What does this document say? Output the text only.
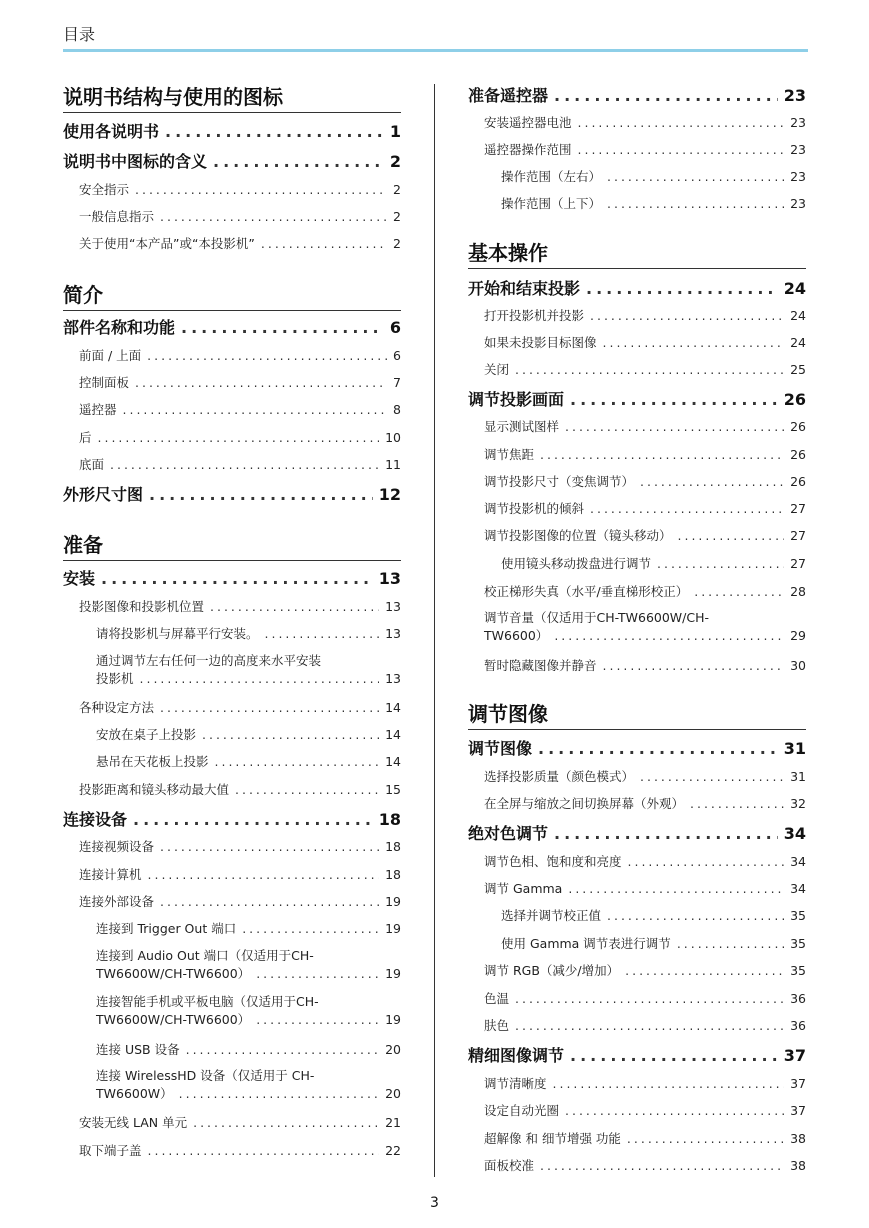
目录
说明书结构与使用的图标
使用各说明书 .....	1
说明书中图标的含义 .....	2
安全指示 .....	2
一般信息指示 .....	2
关于使用“本产品”或“本投影机” .....	2
简介
部件名称和功能 .....	6
前面 / 上面 .....	6
控制面板 .....	7
遥控器 .....	8
后 .....	10
底面 .....	11
外形尺寸图 .....	12
准备
安装 .....	13
投影图像和投影机位置 .....	13
请将投影机与屏幕平行安装。 .....	13
通过调节左右任何一边的高度来水平安装
投影机 .....	13
各种设定方法 .....	14
安放在桌子上投影 .....	14
悬吊在天花板上投影 .....	14
投影距离和镜头移动最大值 .....	15
连接设备 .....	18
连接视频设备 .....	18
连接计算机 .....	18
连接外部设备 .....	19
连接到 Trigger Out 端口 .....	19
连接到 Audio Out 端口（仅适用于CH-
TW6600W/CH-TW6600） .....	19
连接智能手机或平板电脑（仅适用于CH-
TW6600W/CH-TW6600） .....	19
连接 USB 设备 .....	20
连接 WirelessHD 设备（仅适用于 CH-
TW6600W） .....	20
安装无线 LAN 单元 .....	21
取下端子盖 .....	22
准备遥控器 .....	23
安装遥控器电池 .....	23
遥控器操作范围 .....	23
操作范围（左右） .....	23
操作范围（上下） .....	23
基本操作
开始和结束投影 .....	24
打开投影机并投影 .....	24
如果未投影目标图像 .....	24
关闭 .....	25
调节投影画面 .....	26
显示测试图样 .....	26
调节焦距 .....	26
调节投影尺寸（变焦调节） .....	26
调节投影机的倾斜 .....	27
调节投影图像的位置（镜头移动） .....	27
使用镜头移动拨盘进行调节 .....	27
校正梯形失真（水平/垂直梯形校正） .....	28
调节音量（仅适用于CH-TW6600W/CH-
TW6600） .....	29
暂时隐藏图像并静音 .....	30
调节图像
调节图像 .....	31
选择投影质量（颜色模式） .....	31
在全屏与缩放之间切换屏幕（外观） .....	32
绝对色调节 .....	34
调节色相、饱和度和亮度 .....	34
调节 Gamma .....	34
选择并调节校正值 .....	35
使用 Gamma 调节表进行调节 .....	35
调节 RGB（减少/增加） .....	35
色温 .....	36
肤色 .....	36
精细图像调节 .....	37
调节清晰度 .....	37
设定自动光圈 .....	37
超解像 和 细节增强 功能 .....	38
面板校准 .....	38
3
